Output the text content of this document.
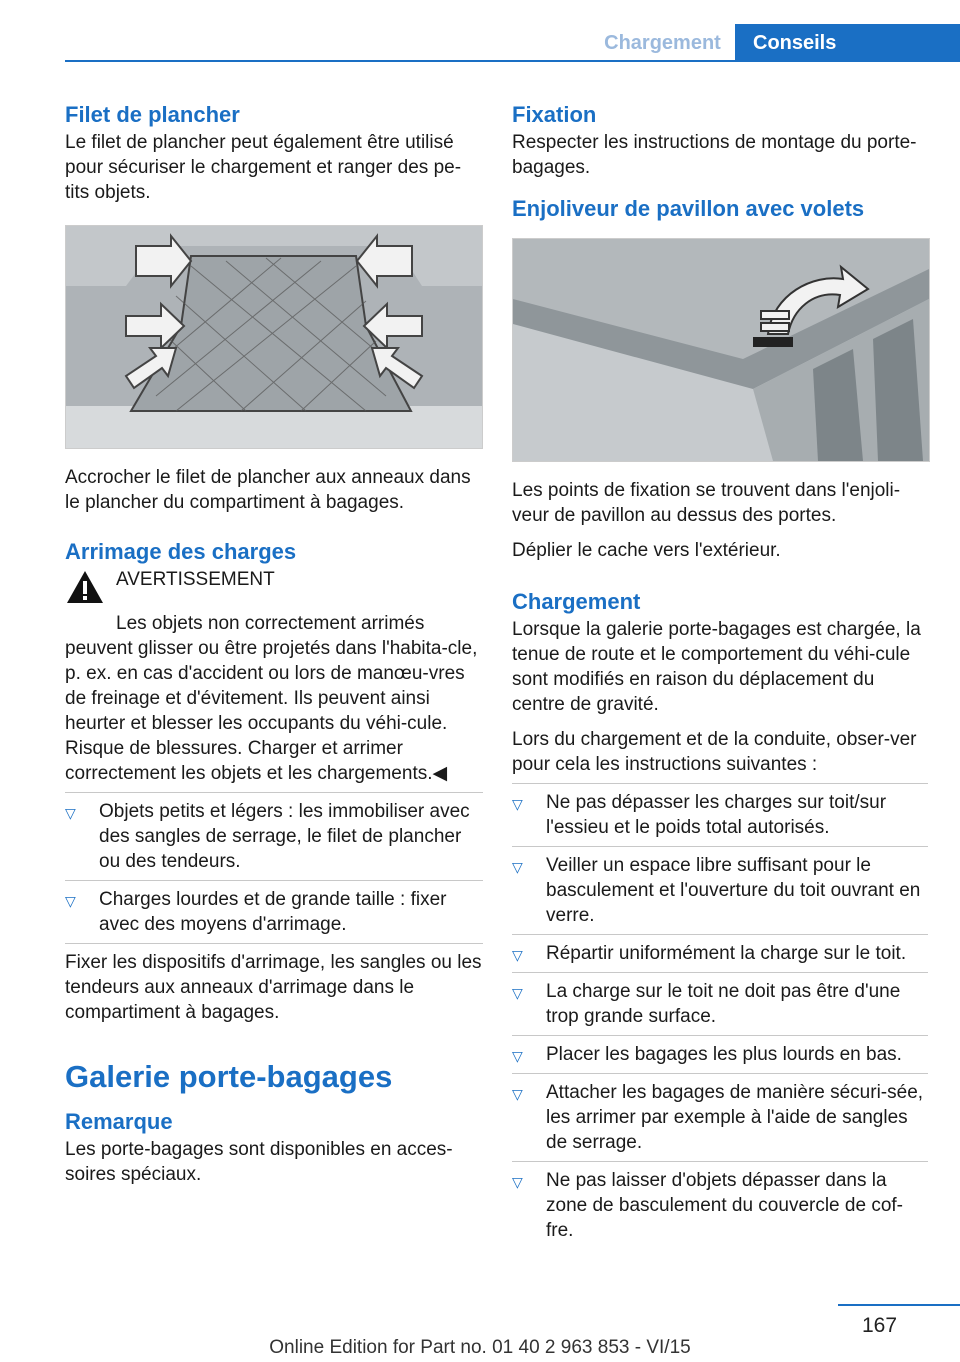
Chargement	Conseils
Filet de plancher

Le filet de plancher peut également être utilisé pour sécuriser le chargement et ranger des pe‐tits objets.

Accrocher le filet de plancher aux anneaux dans le plancher du compartiment à bagages.

Arrimage des charges

AVERTISSEMENT

Les objets non correctement arrimés peuvent glisser ou être projetés dans l'habita‐cle, p. ex. en cas d'accident ou lors de manœu‐vres de freinage et d'évitement. Ils peuvent ainsi heurter et blesser les occupants du véhi‐cule. Risque de blessures. Charger et arrimer correctement les objets et les chargements.◀

▽ Objets petits et légers : les immobiliser avec des sangles de serrage, le filet de plancher ou des tendeurs.
▽ Charges lourdes et de grande taille : fixer avec des moyens d'arrimage.

Fixer les dispositifs d'arrimage, les sangles ou les tendeurs aux anneaux d'arrimage dans le compartiment à bagages.

Galerie porte-bagages
Remarque

Les porte-bagages sont disponibles en acces‐soires spéciaux.

Fixation

Respecter les instructions de montage du porte-bagages.

Enjoliveur de pavillon avec volets

Les points de fixation se trouvent dans l'enjoli‐veur de pavillon au dessus des portes.

Déplier le cache vers l'extérieur.

Chargement

Lorsque la galerie porte-bagages est chargée, la tenue de route et le comportement du véhi‐cule sont modifiés en raison du déplacement du centre de gravité.

Lors du chargement et de la conduite, obser‐ver pour cela les instructions suivantes :

▽ Ne pas dépasser les charges sur toit/sur l'essieu et le poids total autorisés.
▽ Veiller un espace libre suffisant pour le basculement et l'ouverture du toit ouvrant en verre.
▽ Répartir uniformément la charge sur le toit.
▽ La charge sur le toit ne doit pas être d'une trop grande surface.
▽ Placer les bagages les plus lourds en bas.
▽ Attacher les bagages de manière sécuri‐sée, les arrimer par exemple à l'aide de sangles de serrage.
▽ Ne pas laisser d'objets dépasser dans la zone de basculement du couvercle de cof‐fre.
167
Online Edition for Part no. 01 40 2 963 853 - VI/15
